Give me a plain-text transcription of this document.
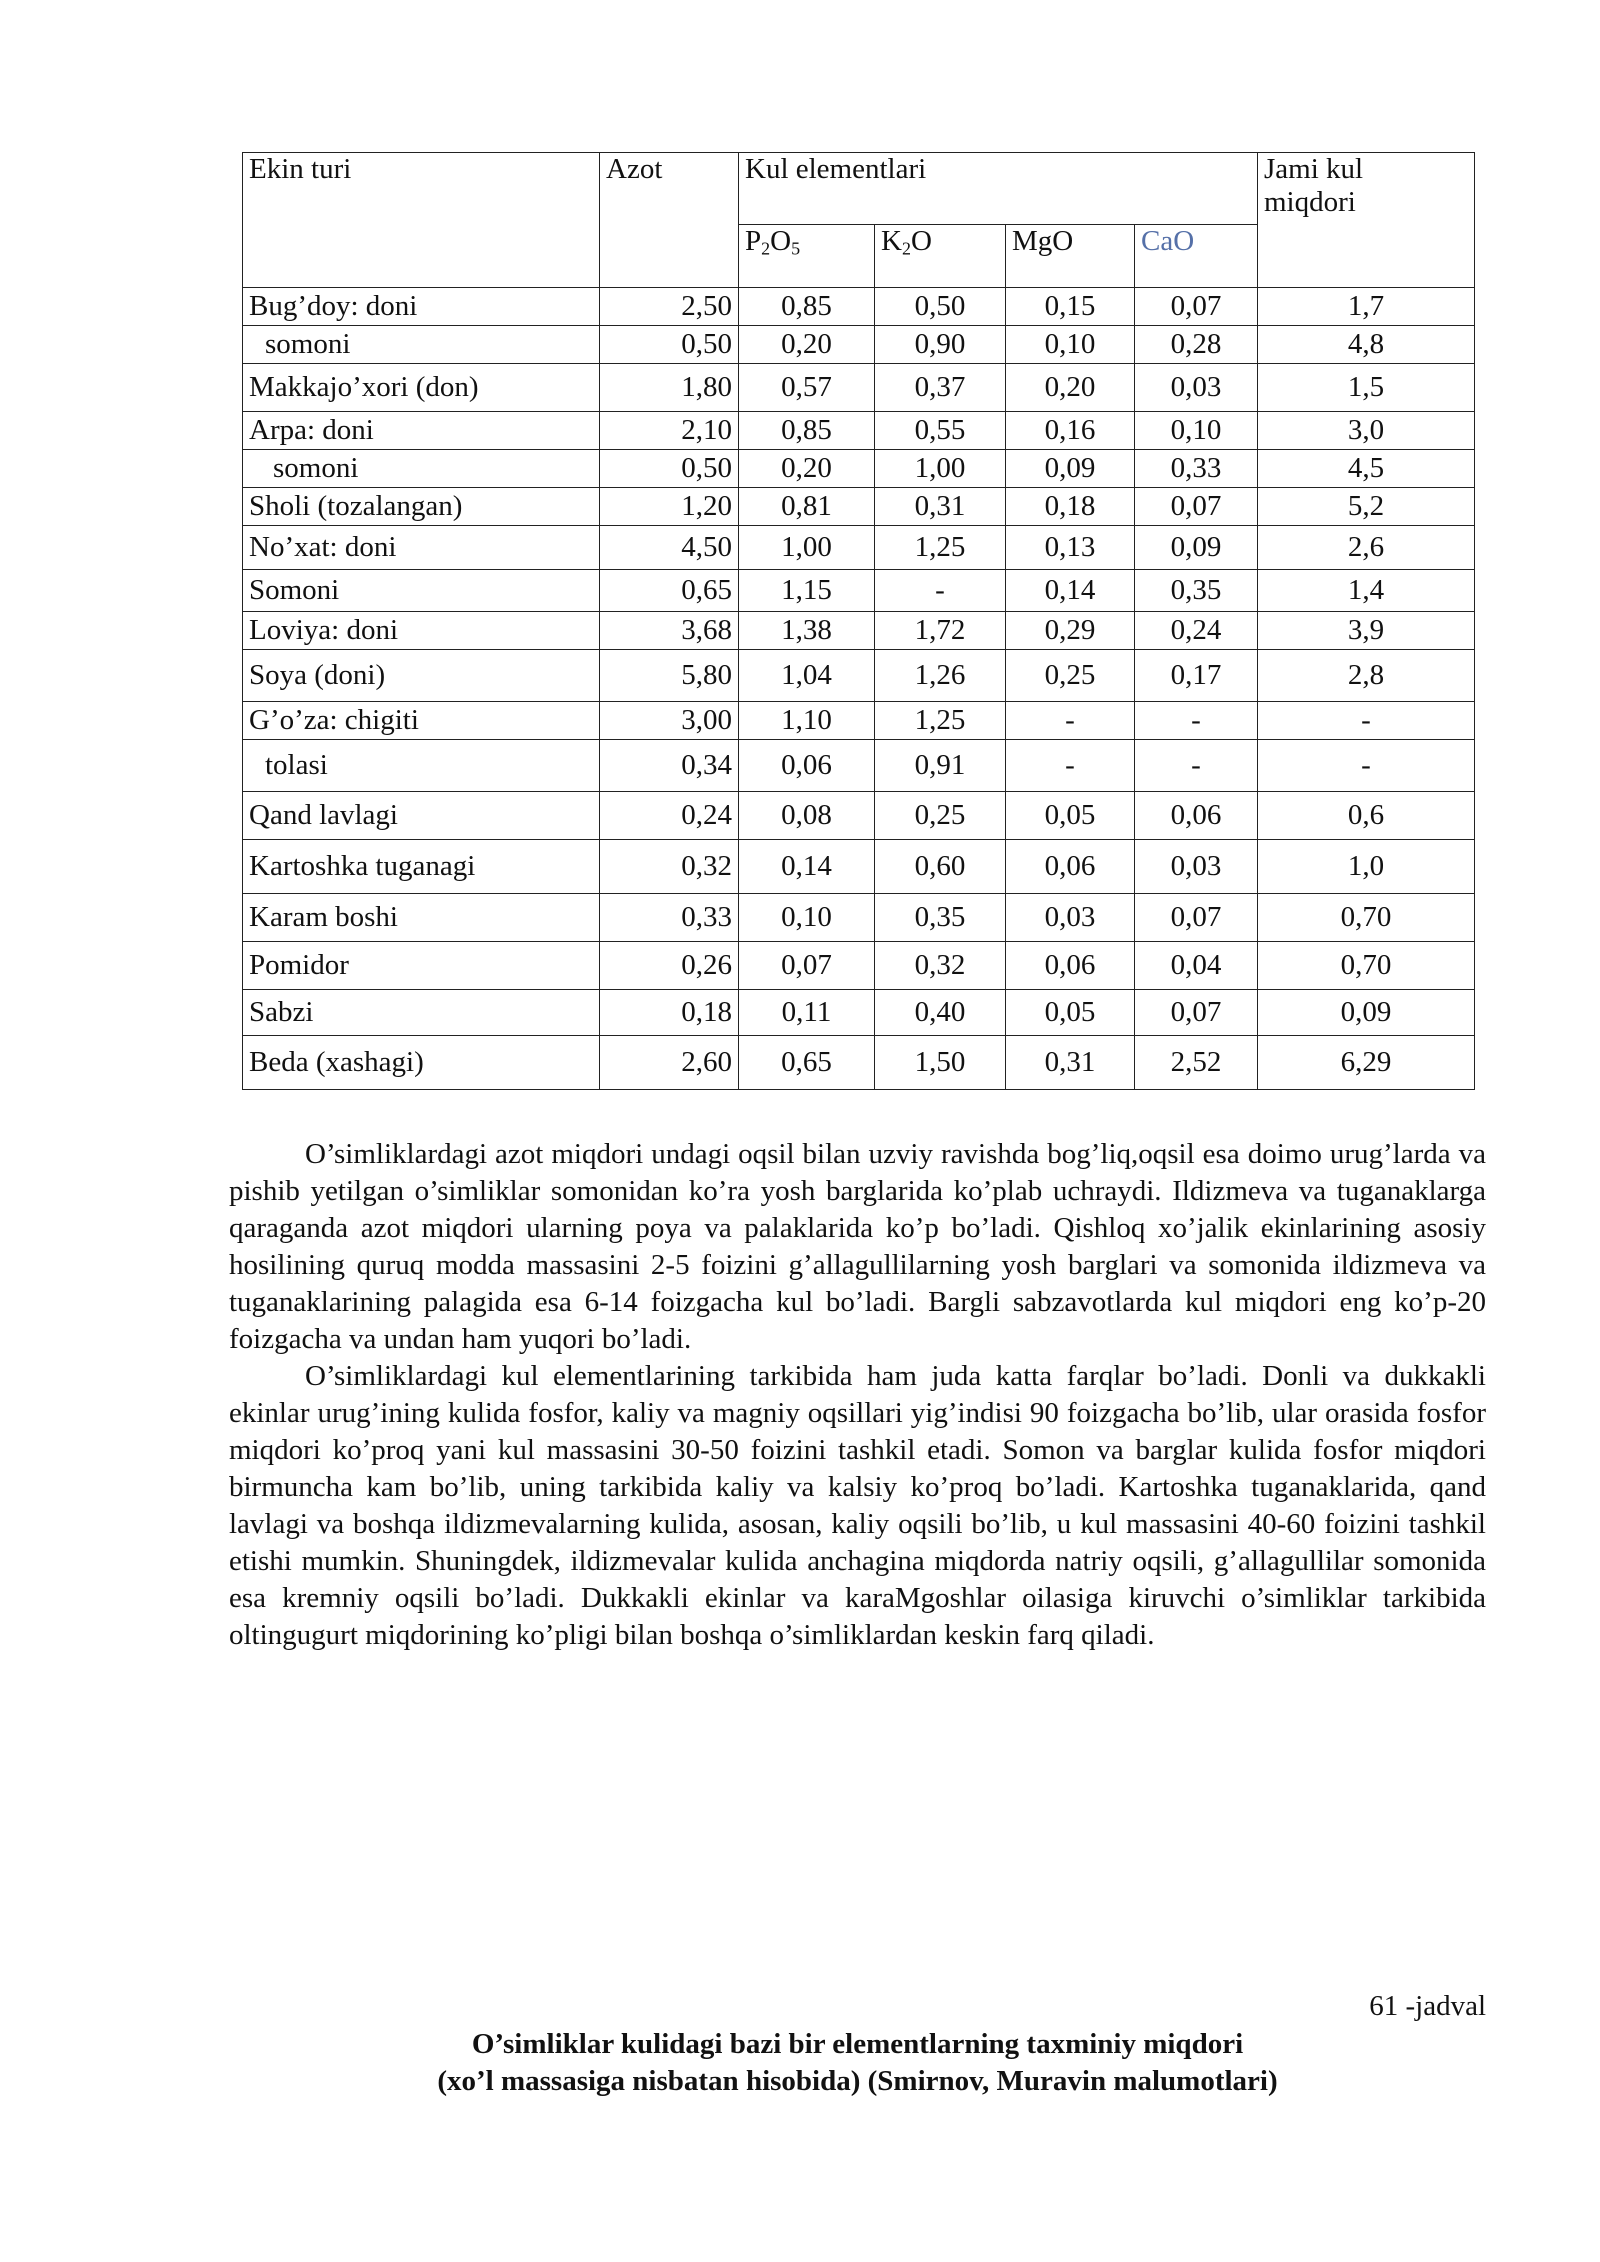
Ekin turi	Azot	Kul elementlari				Jami kul
miqdori

		$P_2O_5$	$K_2O$	MgO	CaO	
Bug’doy: doni	2,50	0,85	0,50	0,15	0,07	1,7
somoni	0,50	0,20	0,90	0,10	0,28	4,8
Makkajo’xori (don)	1,80	0,57	0,37	0,20	0,03	1,5
Arpa: doni	2,10	0,85	0,55	0,16	0,10	3,0
somoni	0,50	0,20	1,00	0,09	0,33	4,5
Sholi (tozalangan)	1,20	0,81	0,31	0,18	0,07	5,2
No’xat: doni	4,50	1,00	1,25	0,13	0,09	2,6
Somoni	0,65	1,15	-	0,14	0,35	1,4
Loviya: doni	3,68	1,38	1,72	0,29	0,24	3,9
Soya (doni)	5,80	1,04	1,26	0,25	0,17	2,8
G’o’za: chigiti	3,00	1,10	1,25	-	-	-
tolasi	0,34	0,06	0,91	-	-	-
Qand lavlagi	0,24	0,08	0,25	0,05	0,06	0,6
Kartoshka tuganagi	0,32	0,14	0,60	0,06	0,03	1,0
Karam boshi	0,33	0,10	0,35	0,03	0,07	0,70
Pomidor	0,26	0,07	0,32	0,06	0,04	0,70
Sabzi	0,18	0,11	0,40	0,05	0,07	0,09
Beda (xashagi)	2,60	0,65	1,50	0,31	2,52	6,29

O’simliklardagi azot miqdori undagi oqsil bilan uzviy ravishda bog’liq,oqsil esa doimo urug’larda va pishib yetilgan o’simliklar somonidan ko’ra yosh barglarida ko’plab uchraydi. Ildizmeva va tuganaklarga qaraganda azot miqdori ularning poya va palaklarida ko’p bo’ladi. Qishloq xo’jalik ekinlarining asosiy hosilining quruq modda massasini 2-5 foizini g’allagullilarning yosh barglari va somonida ildizmeva va tuganaklarining palagida esa 6-14 foizgacha kul bo’ladi. Bargli sabzavotlarda kul miqdori eng ko’p-20 foizgacha va undan ham yuqori bo’ladi.

O’simliklardagi kul elementlarining tarkibida ham juda katta farqlar bo’ladi. Donli va dukkakli ekinlar urug’ining kulida fosfor, kaliy va magniy oqsillari yig’indisi 90 foizgacha bo’lib, ular orasida fosfor miqdori ko’proq yani kul massasini 30-50 foizini tashkil etadi. Somon va barglar kulida fosfor miqdori birmuncha kam bo’lib, uning tarkibida kaliy va kalsiy ko’proq bo’ladi. Kartoshka tuganaklarida, qand lavlagi va boshqa ildizmevalarning kulida, asosan, kaliy oqsili bo’lib, u kul massasini 40-60 foizini tashkil etishi mumkin. Shuningdek, ildizmevalar kulida anchagina miqdorda natriy oqsili, g’allagullilar somonida esa kremniy oqsili bo’ladi. Dukkakli ekinlar va karaMgoshlar oilasiga kiruvchi o’simliklar tarkibida oltingugurt miqdorining ko’pligi bilan boshqa o’simliklardan keskin farq qiladi.

61 -jadval
O’simliklar kulidagi bazi bir elementlarning taxminiy miqdori
(xo’l massasiga nisbatan hisobida) (Smirnov, Muravin malumotlari)
